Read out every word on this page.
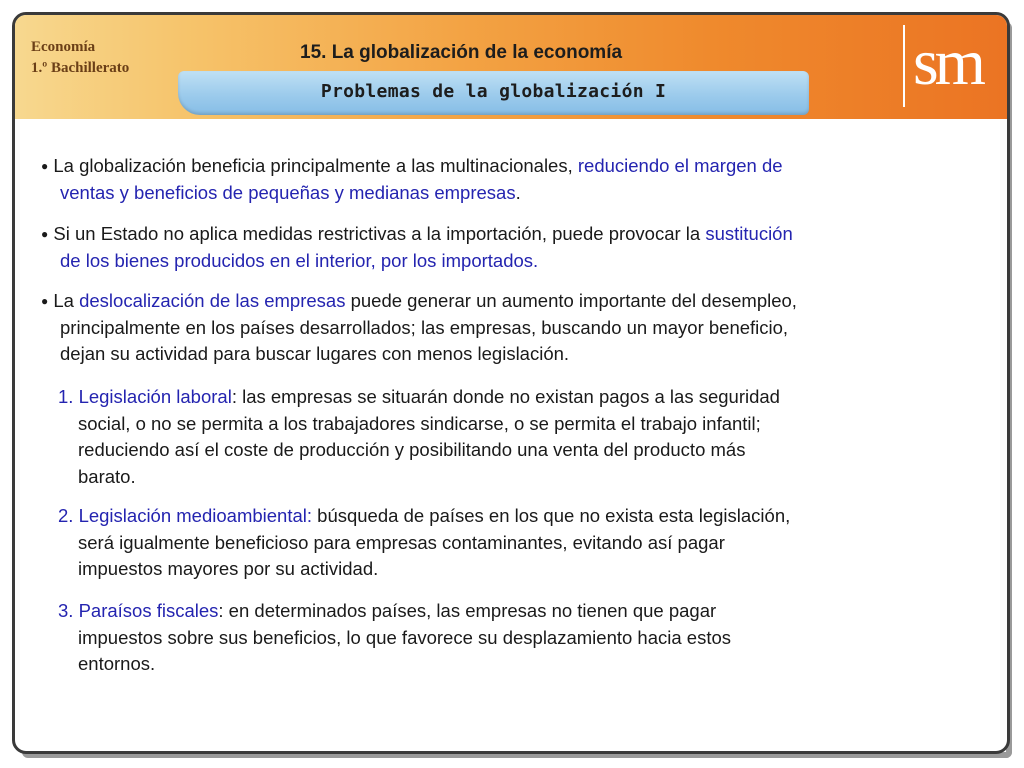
Economía
1.º Bachillerato
15. La globalización de la economía
Problemas de la globalización I	sm
● La globalización beneficia principalmente a las multinacionales, reduciendo el margen de
ventas y beneficios de pequeñas y medianas empresas.
● Si un Estado no aplica medidas restrictivas a la importación, puede provocar la sustitución
de los bienes producidos en el interior, por los importados.
● La deslocalización de las empresas puede generar un aumento importante del desempleo,
principalmente en los países desarrollados; las empresas, buscando un mayor beneficio,
dejan su actividad para buscar lugares con menos legislación.
1. Legislación laboral: las empresas se situarán donde no existan pagos a las seguridad
social, o no se permita a los trabajadores sindicarse, o se permita el trabajo infantil;
reduciendo así el coste de producción y posibilitando una venta del producto más
barato.
2. Legislación medioambiental: búsqueda de países en los que no exista esta legislación,
será igualmente beneficioso para empresas contaminantes, evitando así pagar
impuestos mayores por su actividad.
3. Paraísos fiscales: en determinados países, las empresas no tienen que pagar
impuestos sobre sus beneficios, lo que favorece su desplazamiento hacia estos
entornos.
